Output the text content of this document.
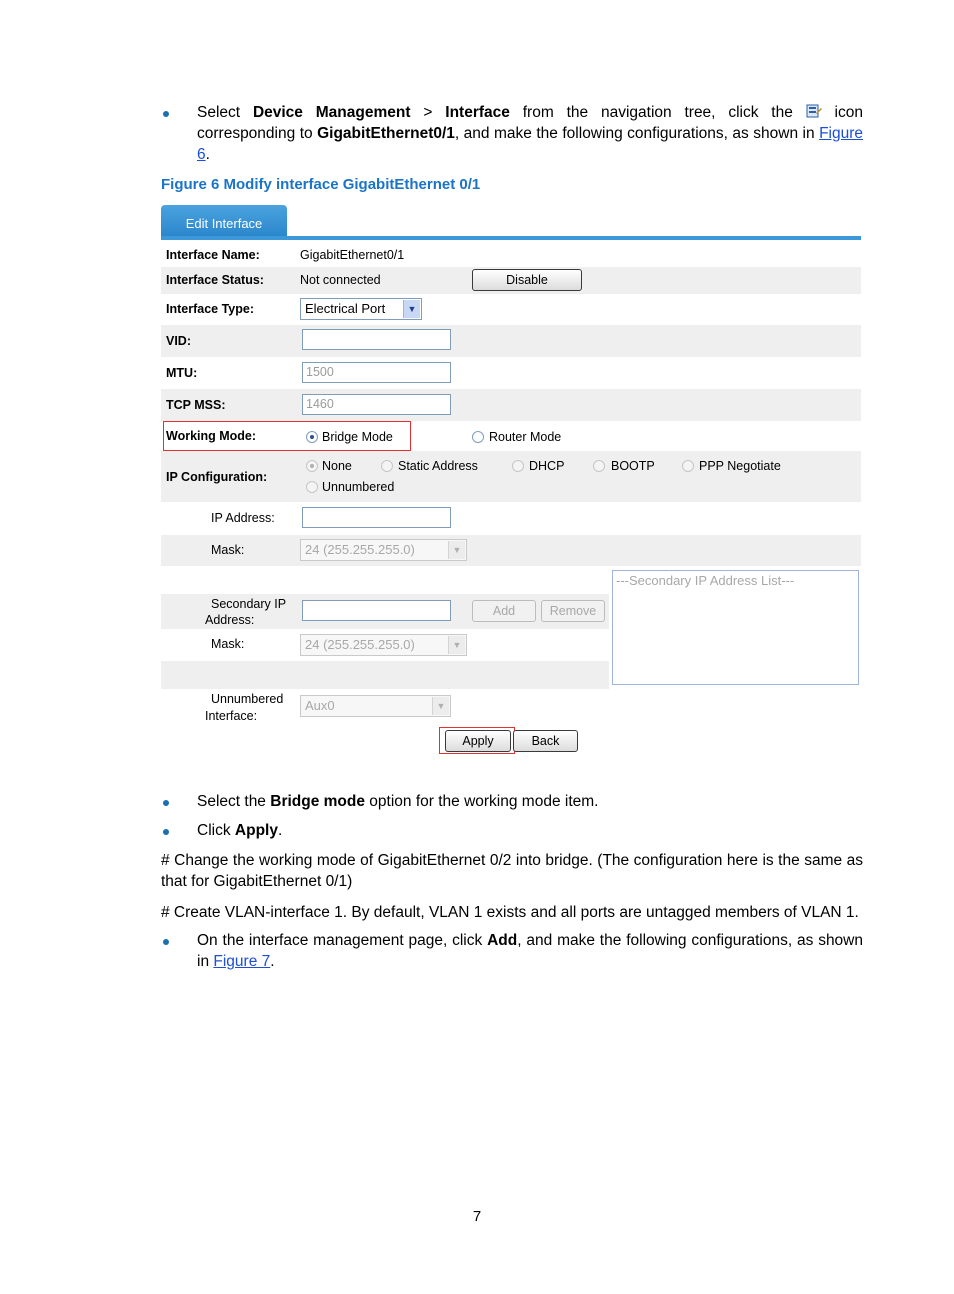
Select Device Management > Interface from the navigation tree, click the	icon corresponding to GigabitEthernet0/1, and make the following configurations, as shown in Figure 6.
Figure 6 Modify interface GigabitEthernet 0/1
Edit Interface
Interface Name:	GigabitEthernet0/1
Interface Status:	Not connected	Disable
Interface Type:	Electrical Port	▼
VID:
MTU:	1500
TCP MSS:	1460
Working Mode:	Bridge Mode	Router Mode
IP Configuration:
None	Static Address	DHCP	BOOTP	PPP Negotiate
Unnumbered
IP Address:
Mask:	24 (255.255.255.0)	▼
Secondary IP
Address:
Add	Remove
Mask:	24 (255.255.255.0)	▼
---Secondary IP Address List---
Unnumbered
Interface:
Aux0	▼
Apply	Back
Select the Bridge mode option for the working mode item.
Click Apply.
# Change the working mode of GigabitEthernet 0/2 into bridge. (The configuration here is the same as that for GigabitEthernet 0/1)
# Create VLAN-interface 1. By default, VLAN 1 exists and all ports are untagged members of VLAN 1.
On the interface management page, click Add, and make the following configurations, as shown in Figure 7.
7
